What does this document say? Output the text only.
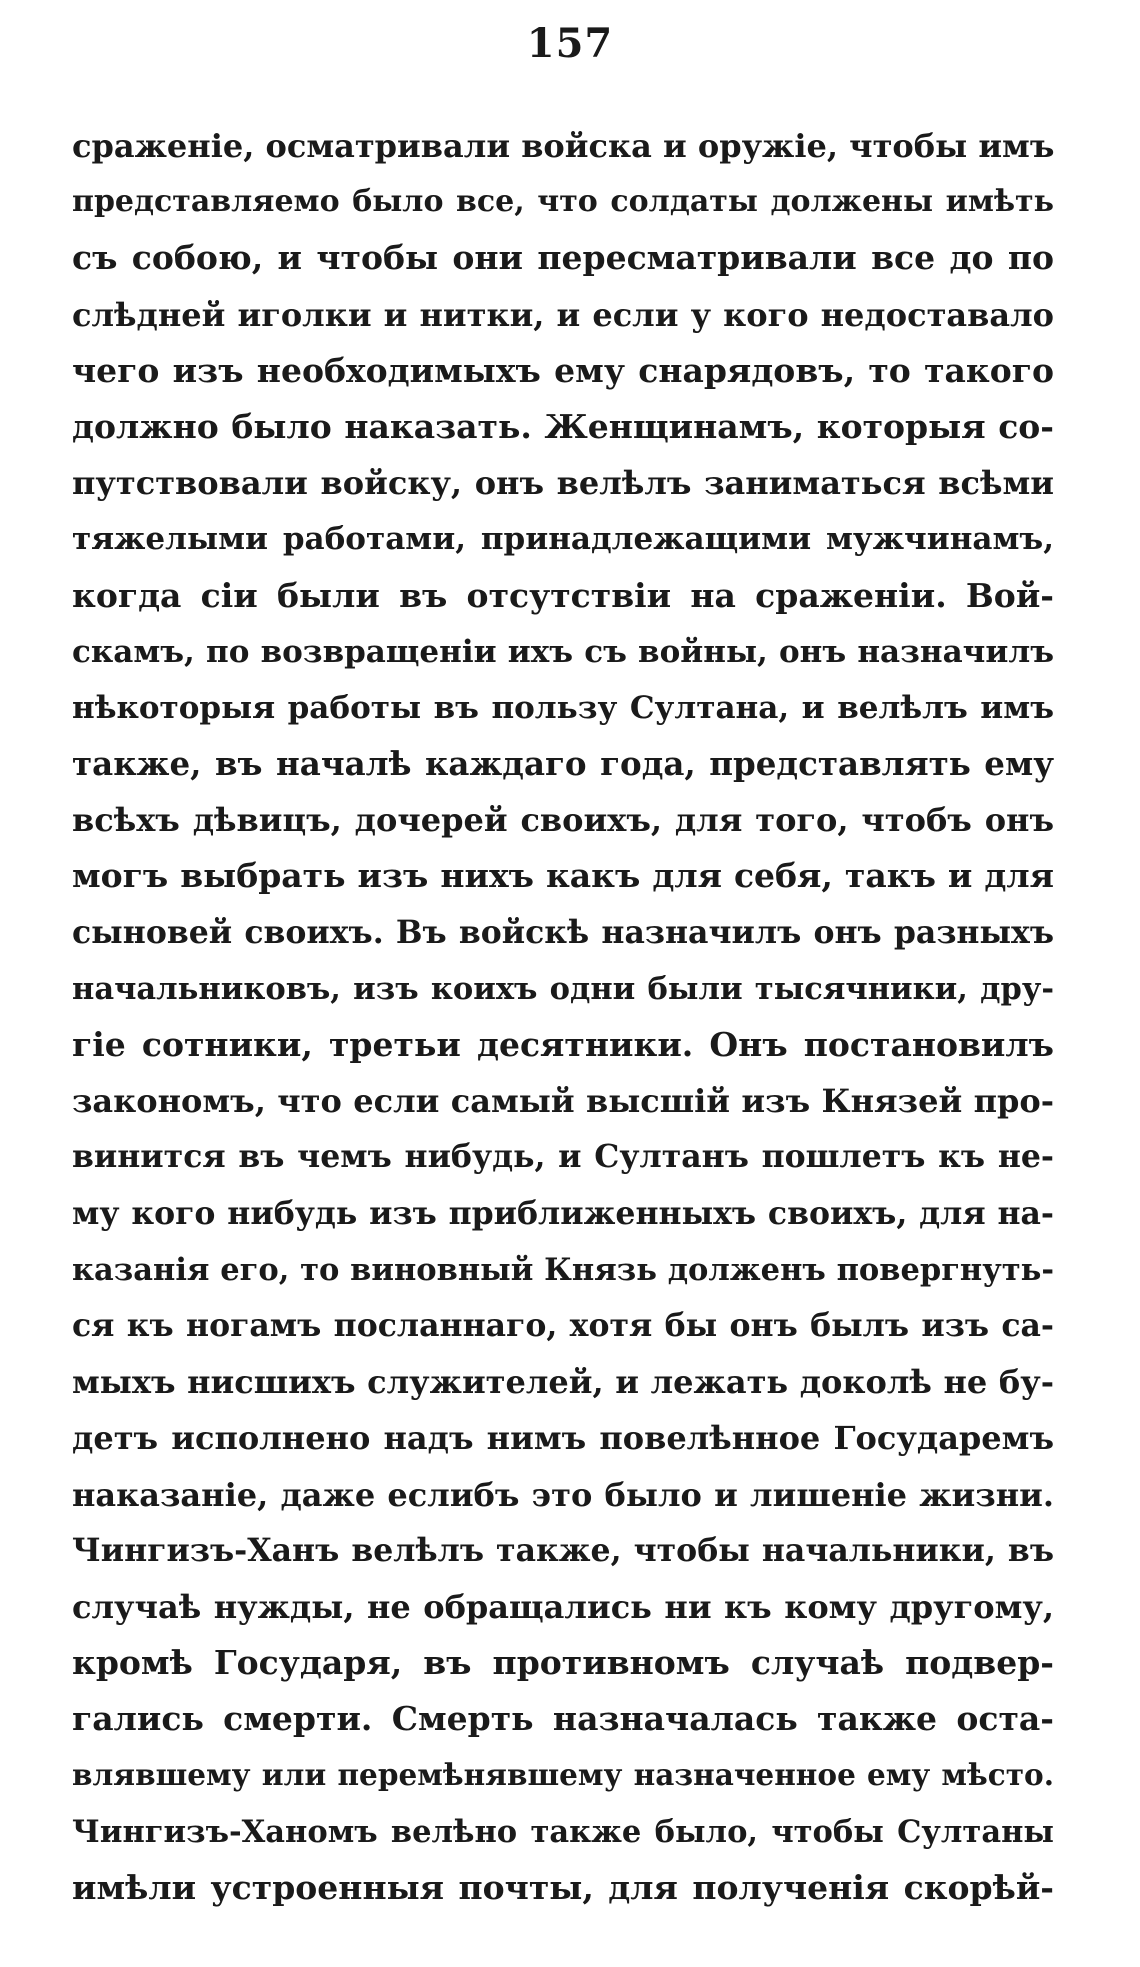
157
сраженіе, осматривали войска и оружіе, чтобы имъ
представляемо было все, что солдаты должены имѣть
съ собою, и чтобы они пересматривали все до по
слѣдней иголки и нитки, и если у кого недоставало
чего изъ необходимыхъ ему снарядовъ, то такого
должно было наказать. Женщинамъ, которыя со-
путствовали войску, онъ велѣлъ заниматься всѣми
тяжелыми работами, принадлежащими мужчинамъ,
когда сіи были въ отсутствіи на сраженіи. Вой-
скамъ, по возвращеніи ихъ съ войны, онъ назначилъ
нѣкоторыя работы въ пользу Султана, и велѣлъ имъ
также, въ началѣ каждаго года, представлять ему
всѣхъ дѣвицъ, дочерей своихъ, для того, чтобъ онъ
могъ выбрать изъ нихъ какъ для себя, такъ и для
сыновей своихъ. Въ войскѣ назначилъ онъ разныхъ
начальниковъ, изъ коихъ одни были тысячники, дру-
гіе сотники, третьи десятники. Онъ постановилъ
закономъ, что если самый высшій изъ Князей про-
винится въ чемъ нибудь, и Султанъ пошлетъ къ не-
му кого нибудь изъ приближенныхъ своихъ, для на-
казанія его, то виновный Князь долженъ повергнуть-
ся къ ногамъ посланнаго, хотя бы онъ былъ изъ са-
мыхъ нисшихъ служителей, и лежать доколѣ не бу-
детъ исполнено надъ нимъ повелѣнное Государемъ
наказаніе, даже еслибъ это было и лишеніе жизни.
Чингизъ-Ханъ велѣлъ также, чтобы начальники, въ
случаѣ нужды, не обращались ни къ кому другому,
кромѣ Государя, въ противномъ случаѣ подвер-
гались смерти. Смерть назначалась также оста-
влявшему или перемѣнявшему назначенное ему мѣсто.
Чингизъ-Ханомъ велѣно также было, чтобы Султаны
имѣли устроенныя почты, для полученія скорѣй-
